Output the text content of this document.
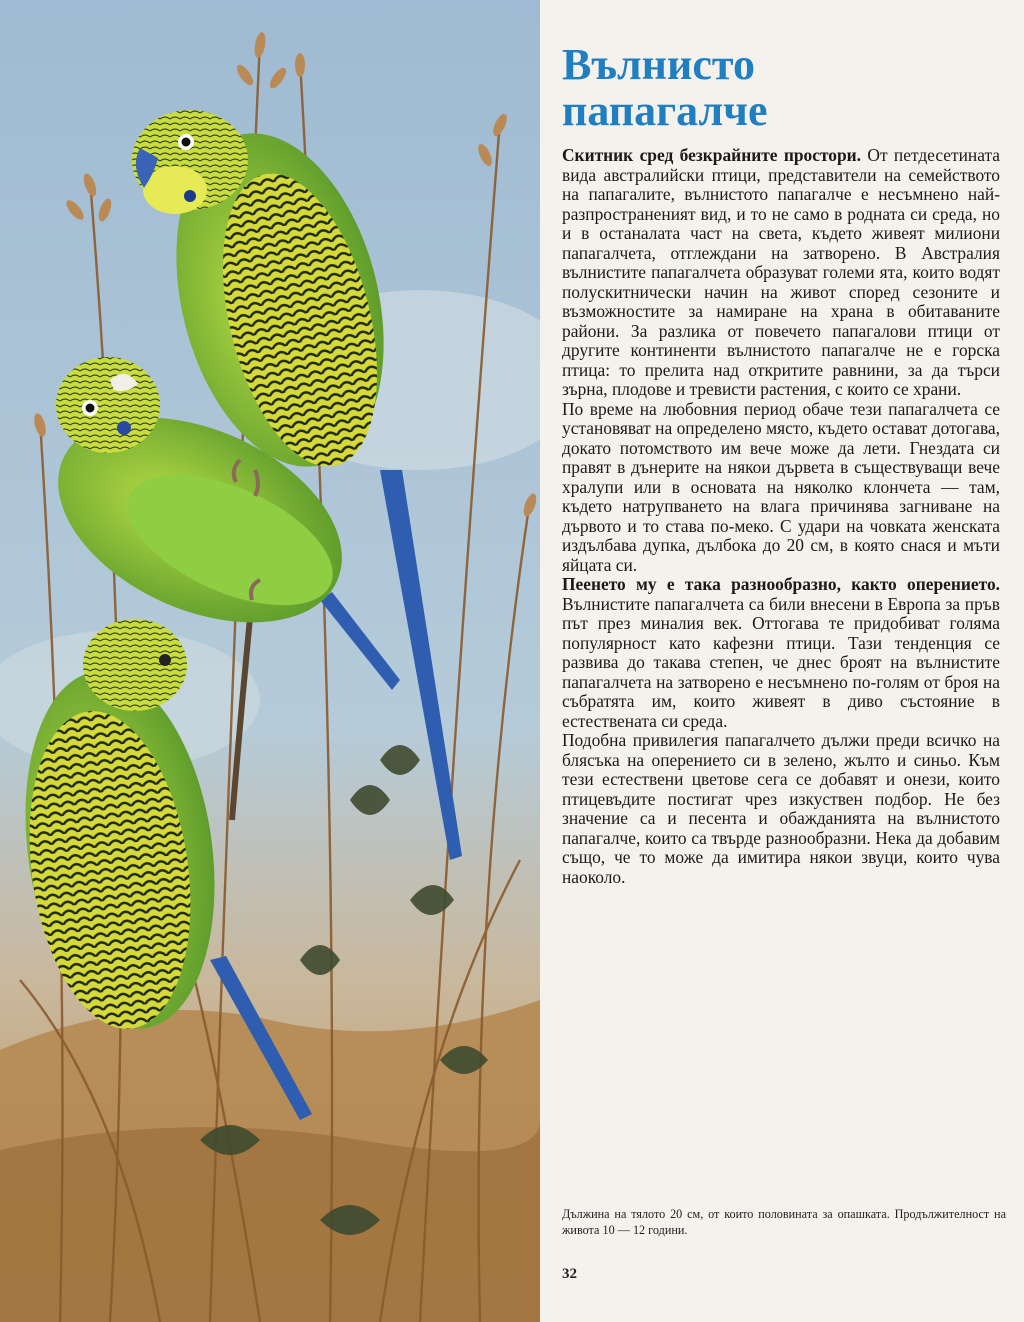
Вълнисто
папагалче

Скитник сред безкрайните простори. От петдесетината вида австралийски птици, представители на семейството на папагалите, вълнистото папагалче е несъмнено най-разпространеният вид, и то не само в родната си среда, но и в останалата част на света, където живеят милиони папагалчета, отглеждани на затворено. В Австралия вълнистите папагалчета образуват големи ята, които водят полускитнически начин на живот според сезоните и възможностите за намиране на храна в обитаваните райони. За разлика от повечето папагалови птици от другите континенти вълнистото папагалче не е горска птица: то прелита над откритите равнини, за да търси зърна, плодове и тревисти растения, с които се храни.

По време на любовния период обаче тези папагалчета се установяват на определено място, където остават дотогава, докато потомството им вече може да лети. Гнездата си правят в дънерите на някои дървета в съществуващи вече хралупи или в основата на няколко клончета — там, където натрупването на влага причинява загниване на дървото и то става по-меко. С удари на човката женската издълбава дупка, дълбока до 20 см, в която снася и мъти яйцата си.

Пеенето му е така разнообразно, както оперението. Вълнистите папагалчета са били внесени в Европа за пръв път през миналия век. Оттогава те придобиват голяма популярност като кафезни птици. Тази тенденция се развива до такава степен, че днес броят на вълнистите папагалчета на затворено е несъмнено по-голям от броя на събратята им, които живеят в диво състояние в естествената си среда.

Подобна привилегия папагалчето дължи преди всичко на блясъка на оперението си в зелено, жълто и синьо. Към тези естествени цветове сега се добавят и онези, които птицевъдите постигат чрез изкуствен подбор. Не без значение са и песента и обажданията на вълнистото папагалче, които са твърде разнообразни. Нека да добавим също, че то може да имитира някои звуци, които чува наоколо.

Дължина на тялото 20 см, от които половината за опашката. Продължителност на живота 10 — 12 години.

32
